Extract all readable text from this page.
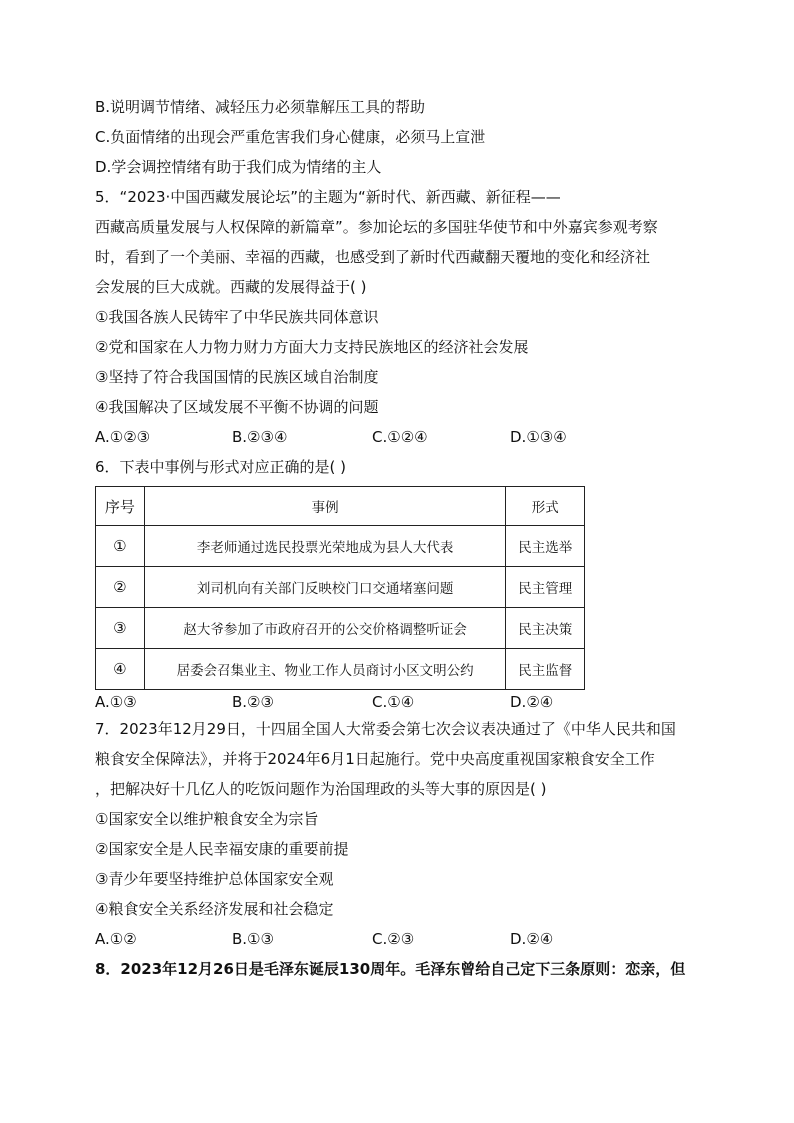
B.说明调节情绪、减轻压力必须靠解压工具的帮助
C.负面情绪的出现会严重危害我们身心健康，必须马上宣泄
D.学会调控情绪有助于我们成为情绪的主人
5．“2023·中国西藏发展论坛”的主题为“新时代、新西藏、新征程——
西藏高质量发展与人权保障的新篇章”。参加论坛的多国驻华使节和中外嘉宾参观考察
时，看到了一个美丽、幸福的西藏，也感受到了新时代西藏翻天覆地的变化和经济社
会发展的巨大成就。西藏的发展得益于( )
①我国各族人民铸牢了中华民族共同体意识
②党和国家在人力物力财力方面大力支持民族地区的经济社会发展
③坚持了符合我国国情的民族区域自治制度
④我国解决了区域发展不平衡不协调的问题
A.①②③	B.②③④	C.①②④	D.①③④
6．下表中事例与形式对应正确的是( )
序号	事例	形式
①	李老师通过选民投票光荣地成为县人大代表	民主选举
②	刘司机向有关部门反映校门口交通堵塞问题	民主管理
③	赵大爷参加了市政府召开的公交价格调整听证会	民主决策
④	居委会召集业主、物业工作人员商讨小区文明公约	民主监督
A.①③	B.②③	C.①④	D.②④
7．2023年12月29日，十四届全国人大常委会第七次会议表决通过了《中华人民共和国
粮食安全保障法》，并将于2024年6月1日起施行。党中央高度重视国家粮食安全工作
，把解决好十几亿人的吃饭问题作为治国理政的头等大事的原因是( )
①国家安全以维护粮食安全为宗旨
②国家安全是人民幸福安康的重要前提
③青少年要坚持维护总体国家安全观
④粮食安全关系经济发展和社会稳定
A.①②	B.①③	C.②③	D.②④
8．2023年12月26日是毛泽东诞辰130周年。毛泽东曾给自己定下三条原则：恋亲，但
